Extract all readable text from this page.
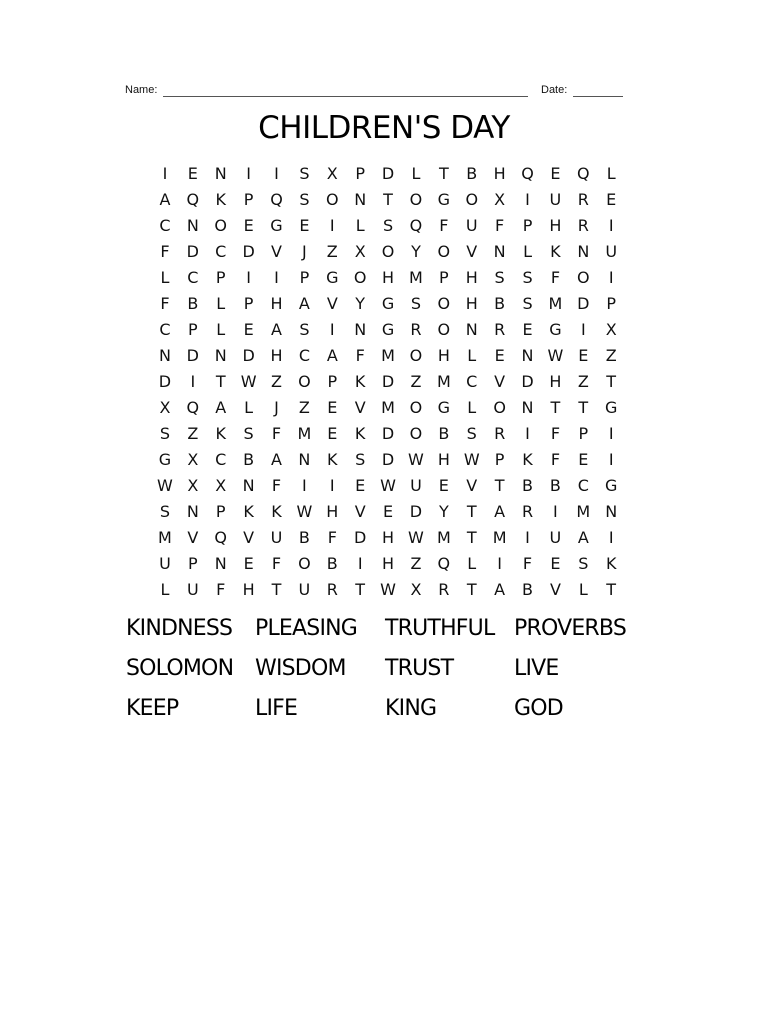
Name:	Date:
CHILDREN'S DAY
I	E	N	I	I	S	X	P	D	L	T	B	H Q	E	Q	L
A	Q	K	P	Q	S	O N	T	O G O	X	I	U	R	E
C	N O	E	G	E	I	L	S	Q	F	U	F	P	H	R	I
F	D	C	D	V	J	Z	X	O	Y	O	V	N	L	K	N	U
L	C	P	I	I	P	G O H M	P	H	S	S	F	O	I
F	B	L	P	H	A	V	Y	G	S	O H	B	S M D	P
C	P	L	E	A	S	I	N G	R	O N	R	E	G	I	X
N D N D H	C	A	F	M O H	L	E	N W E	Z
D	I	T W Z	O	P	K	D	Z M C	V	D H	Z	T
X	Q	A	L	J	Z	E	V M O G	L	O N	T	T	G
S	Z	K	S	F	M E	K	D O	B	S	R	I	F	P	I
G	X	C	B	A	N	K	S	D W H W P	K	F	E	I
W X	X	N	F	I	I	E W U	E	V	T	B	B	C	G
S	N	P	K	K W H	V	E	D	Y	T	A	R	I	M N
M V	Q	V	U	B	F	D H W M	T	M	I	U	A	I
U	P	N	E	F	O	B	I	H	Z	Q	L	I	F	E	S	K
L	U	F	H	T	U	R	T W X	R	T	A	B	V	L	T
KINDNESS	PLEASING	TRUTHFUL PROVERBS
SOLOMON WISDOM	TRUST	LIVE
KEEP	LIFE	KING	GOD
